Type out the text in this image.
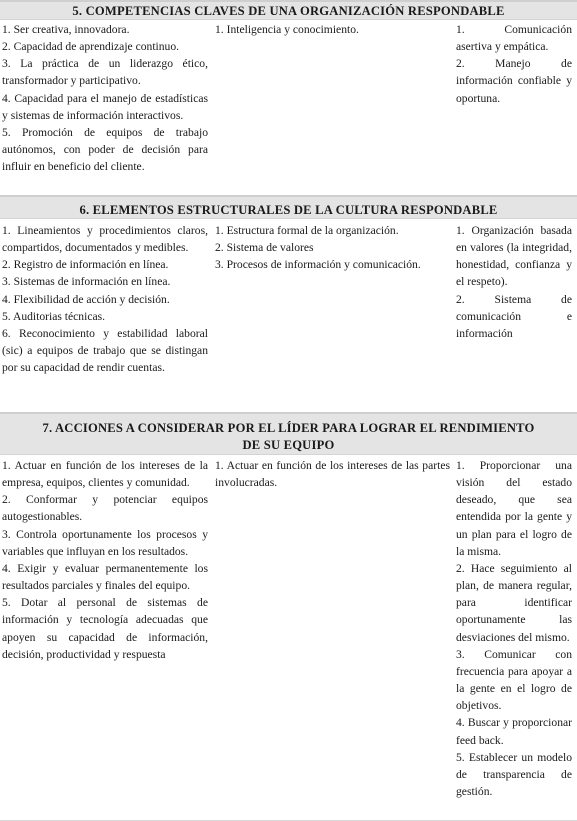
5. COMPETENCIAS CLAVES DE UNA ORGANIZACIÓN RESPONDABLE

1. Ser creativa, innovadora.

2. Capacidad de aprendizaje continuo.

3. La práctica de un liderazgo ético, transformador y participativo.

4. Capacidad para el manejo de estadísticas y sistemas de información interactivos.

5. Promoción de equipos de trabajo autónomos, con poder de decisión para influir en beneficio del cliente.

1. Inteligencia y conocimiento.	1. Comunicación asertiva y empática.

2. Manejo de información confiable y oportuna.

6. ELEMENTOS ESTRUCTURALES DE LA CULTURA RESPONDABLE

1. Lineamientos y procedimientos claros, compartidos, documentados y medibles.

2. Registro de información en línea.

3. Sistemas de información en línea.

4. Flexibilidad de acción y decisión.

5. Auditorias técnicas.

6. Reconocimiento y estabilidad laboral (sic) a equipos de trabajo que se distingan por su capacidad de rendir cuentas.

1. Estructura formal de la organización.

2. Sistema de valores

3. Procesos de información y comunicación.

1. Organización basada en valores (la integridad, honestidad, confianza y el respeto).

2. Sistema de comunicación e información

7. ACCIONES A CONSIDERAR POR EL LÍDER PARA LOGRAR EL RENDIMIENTO
DE SU EQUIPO

1. Actuar en función de los intereses de la empresa, equipos, clientes y comunidad.

2. Conformar y potenciar equipos autogestionables.

3. Controla oportunamente los procesos y variables que influyan en los resultados.

4. Exigir y evaluar permanentemente los resultados parciales y finales del equipo.

5. Dotar al personal de sistemas de información y tecnología adecuadas que apoyen su capacidad de información, decisión, productividad y respuesta

1. Actuar en función de los intereses de las partes involucradas.

1. Proporcionar una visión del estado deseado, que sea entendida por la gente y un plan para el logro de la misma.

2. Hace seguimiento al plan, de manera regular, para identificar oportunamente las desviaciones del mismo.

3. Comunicar con frecuencia para apoyar a la gente en el logro de objetivos.

4. Buscar y proporcionar feed back.

5. Establecer un modelo de transparencia de gestión.
